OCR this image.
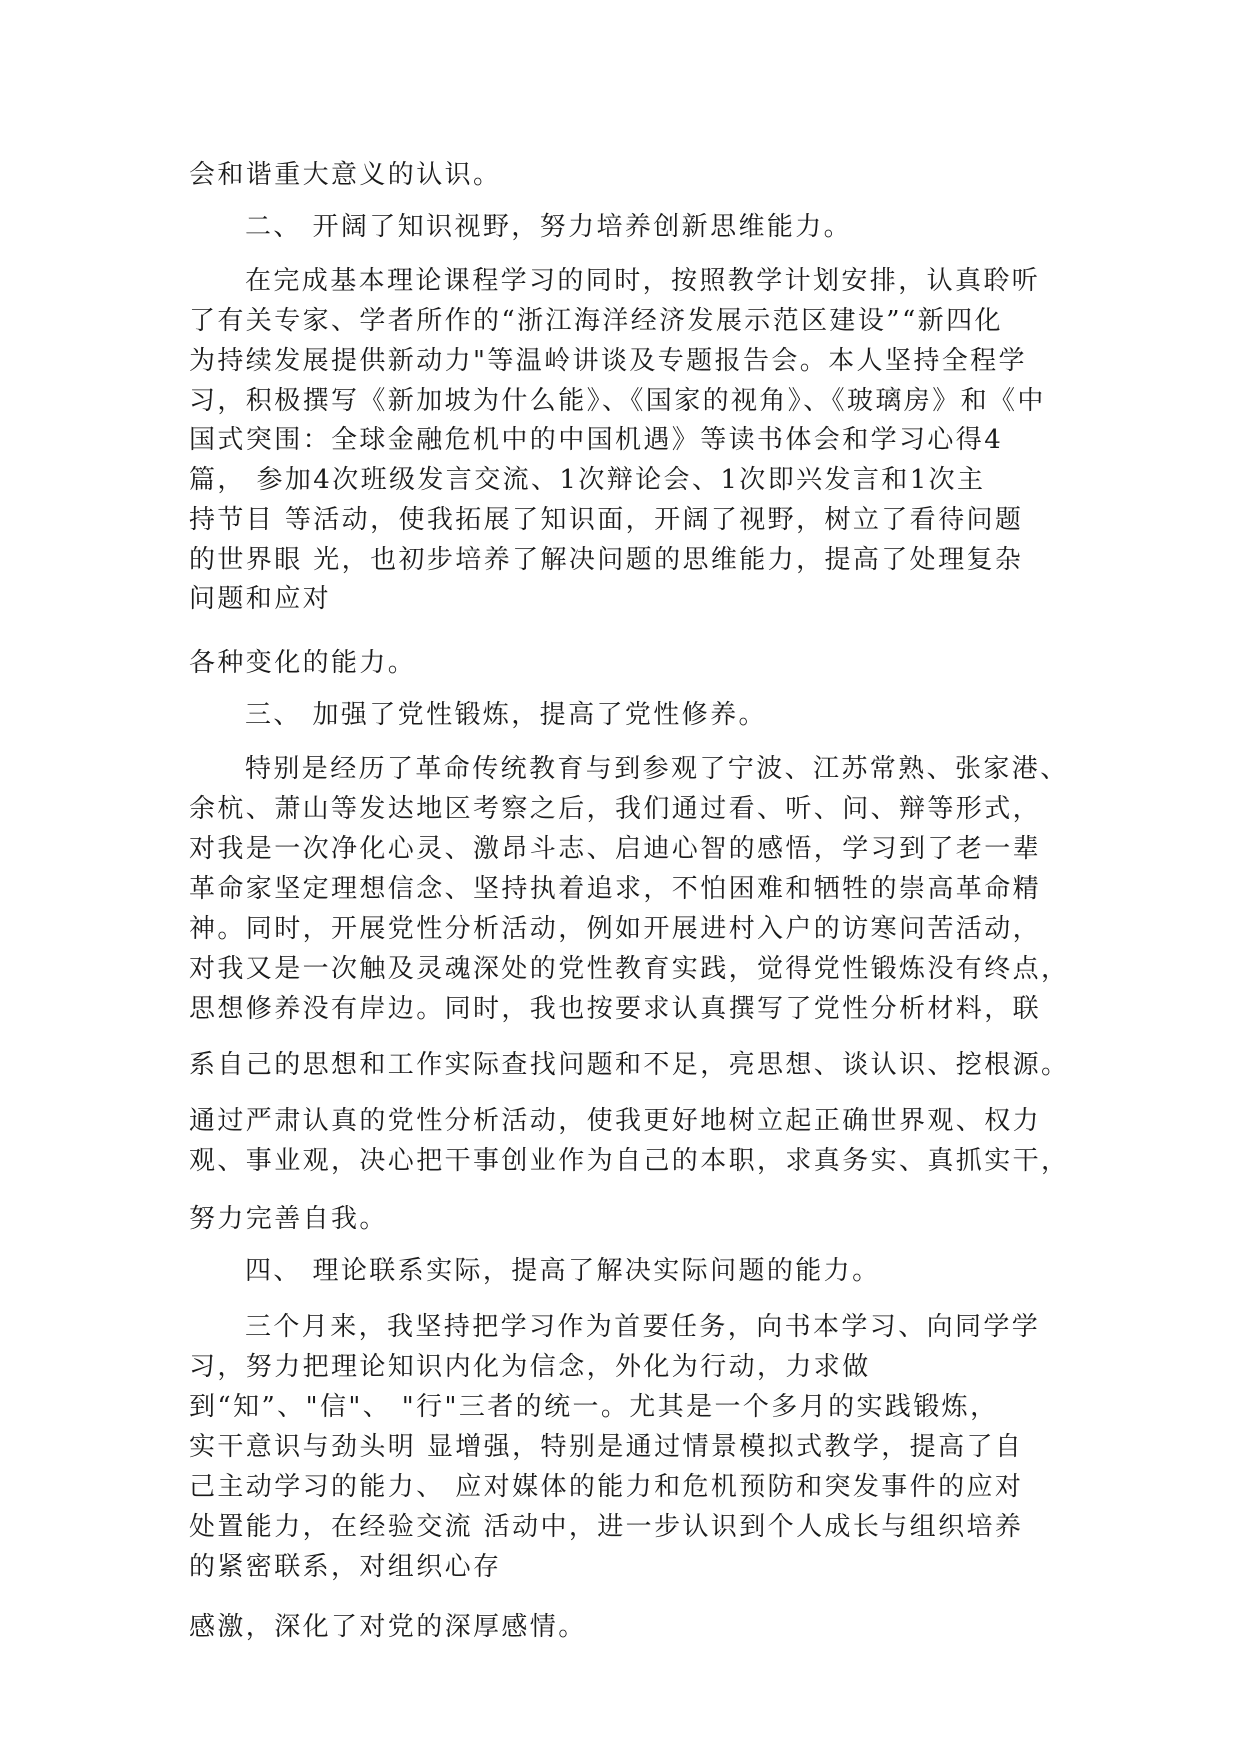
会和谐重大意义的认识。
二、 开阔了知识视野，努力培养创新思维能力。
在完成基本理论课程学习的同时，按照教学计划安排，认真聆听
了有关专家、学者所作的“浙江海洋经济发展示范区建设”“新四化
为持续发展提供新动力"等温岭讲谈及专题报告会。本人坚持全程学
习，积极撰写《新加坡为什么能》、《国家的视角》、《玻璃房》和《中
国式突围：全球金融危机中的中国机遇》等读书体会和学习心得4
篇， 参加4次班级发言交流、1次辩论会、1次即兴发言和1次主
持节目 等活动，使我拓展了知识面，开阔了视野，树立了看待问题
的世界眼 光，也初步培养了解决问题的思维能力，提高了处理复杂
问题和应对
各种变化的能力。
三、 加强了党性锻炼，提高了党性修养。
特别是经历了革命传统教育与到参观了宁波、江苏常熟、张家港、
余杭、萧山等发达地区考察之后，我们通过看、听、问、辩等形式，
对我是一次净化心灵、激昂斗志、启迪心智的感悟，学习到了老一辈
革命家坚定理想信念、坚持执着追求，不怕困难和牺牲的崇高革命精
神。同时，开展党性分析活动，例如开展进村入户的访寒问苦活动，
对我又是一次触及灵魂深处的党性教育实践，觉得党性锻炼没有终点，
思想修养没有岸边。同时，我也按要求认真撰写了党性分析材料，联
系自己的思想和工作实际查找问题和不足，亮思想、谈认识、挖根源。
通过严肃认真的党性分析活动，使我更好地树立起正确世界观、权力
观、事业观，决心把干事创业作为自己的本职，求真务实、真抓实干，
努力完善自我。
四、 理论联系实际，提高了解决实际问题的能力。
三个月来，我坚持把学习作为首要任务，向书本学习、向同学学
习，努力把理论知识内化为信念，外化为行动，力求做
到“知”、"信"、 "行"三者的统一。尤其是一个多月的实践锻炼，
实干意识与劲头明 显增强，特别是通过情景模拟式教学，提高了自
己主动学习的能力、 应对媒体的能力和危机预防和突发事件的应对
处置能力，在经验交流 活动中，进一步认识到个人成长与组织培养
的紧密联系，对组织心存
感激，深化了对党的深厚感情。
